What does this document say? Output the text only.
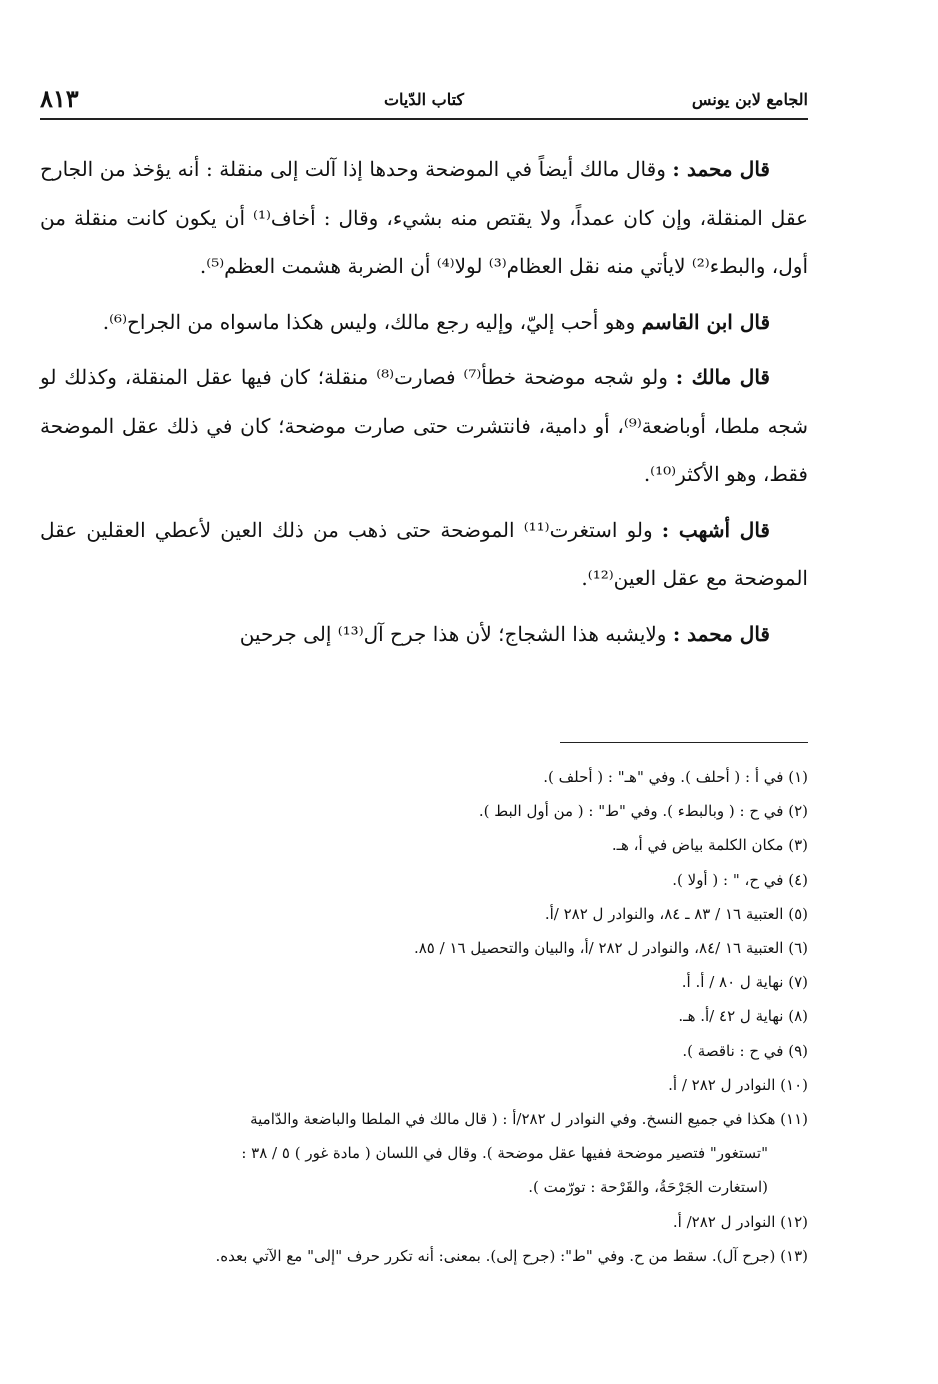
الجامع لابن يونس
كتاب الدّيات
٨١٣

قال محمد : وقال مالك أيضاً في الموضحة وحدها إذا آلت إلى منقلة : أنه يؤخذ من الجارح عقل المنقلة، وإن كان عمداً، ولا يقتص منه بشيء، وقال : أخاف⁽¹⁾ أن يكون كانت منقلة من أول، والبطء⁽²⁾ لايأتي منه نقل العظام⁽³⁾ لولا⁽⁴⁾ أن الضربة هشمت العظم⁽⁵⁾.

قال ابن القاسم وهو أحب إليّ، وإليه رجع مالك، وليس هكذا ماسواه من الجراح⁽⁶⁾.

قال مالك : ولو شجه موضحة خطأ⁽⁷⁾ فصارت⁽⁸⁾ منقلة؛ كان فيها عقل المنقلة، وكذلك لو شجه ملطا، أوباضعة⁽⁹⁾، أو دامية، فانتشرت حتى صارت موضحة؛ كان في ذلك عقل الموضحة فقط، وهو الأكثر⁽¹⁰⁾.

قال أشهب : ولو استغرت⁽¹¹⁾ الموضحة حتى ذهب من ذلك العين لأعطي العقلين عقل الموضحة مع عقل العين⁽¹²⁾.

قال محمد : ولايشبه هذا الشجاج؛ لأن هذا جرح آل⁽¹³⁾ إلى جرحين

(١) في أ : ( أحلف ). وفي "هـ" : ( أحلف ).

(٢) في ح : ( وبالبطء ). وفي "ط" : ( من أول البط ).

(٣) مكان الكلمة بياض في أ، هـ.

(٤) في ح، " : ( أولا ).

(٥) العتبية ١٦ / ٨٣ ـ ٨٤، والنوادر ل ٢٨٢ /أ.

(٦) العتبية ١٦ /٨٤، والنوادر ل ٢٨٢ /أ، والبيان والتحصيل ١٦ / ٨٥.

(٧) نهاية ل ٨٠ / أ. أ.

(٨) نهاية ل ٤٢ /أ. هـ.

(٩) في ح : ناقصة ).

(١٠) النوادر ل ٢٨٢ / أ.

(١١) هكذا في جميع النسخ. وفي النوادر ل ٢٨٢/أ : ( قال مالك في الملطا والباضعة والدّامية

"تستغور" فتصير موضحة ففيها عقل موضحة ). وقال في اللسان ( مادة غور ) ٥ / ٣٨ :

(استغارت الجَرْحَةُ، والقَرْحة : تورّمت ).

(١٢) النوادر ل ٢٨٢/ أ.

(١٣) (جرح آل). سقط من ح. وفي "ط": (جرح إلى). بمعنى: أنه تكرر حرف "إلى" مع الآتي بعده.
